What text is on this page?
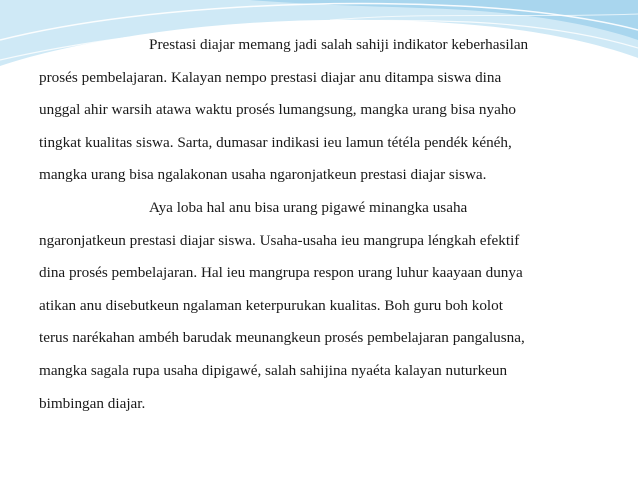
Prestasi diajar memang jadi salah sahiji indikator keberhasilan
prosés pembelajaran. Kalayan nempo prestasi diajar anu ditampa siswa dina
unggal ahir warsih atawa waktu prosés lumangsung, mangka urang bisa nyaho
tingkat kualitas siswa. Sarta, dumasar indikasi ieu lamun tétéla pendék kénéh,
mangka urang bisa ngalakonan usaha ngaronjatkeun prestasi diajar siswa.

Aya loba hal anu bisa urang pigawé minangka usaha
ngaronjatkeun prestasi diajar siswa. Usaha-usaha ieu mangrupa léngkah efektif
dina prosés pembelajaran. Hal ieu mangrupa respon urang luhur kaayaan dunya
atikan anu disebutkeun ngalaman keterpurukan kualitas. Boh guru boh kolot
terus narékahan ambéh barudak meunangkeun prosés pembelajaran pangalusna,
mangka sagala rupa usaha dipigawé, salah sahijina nyaéta kalayan nuturkeun
bimbingan diajar.
